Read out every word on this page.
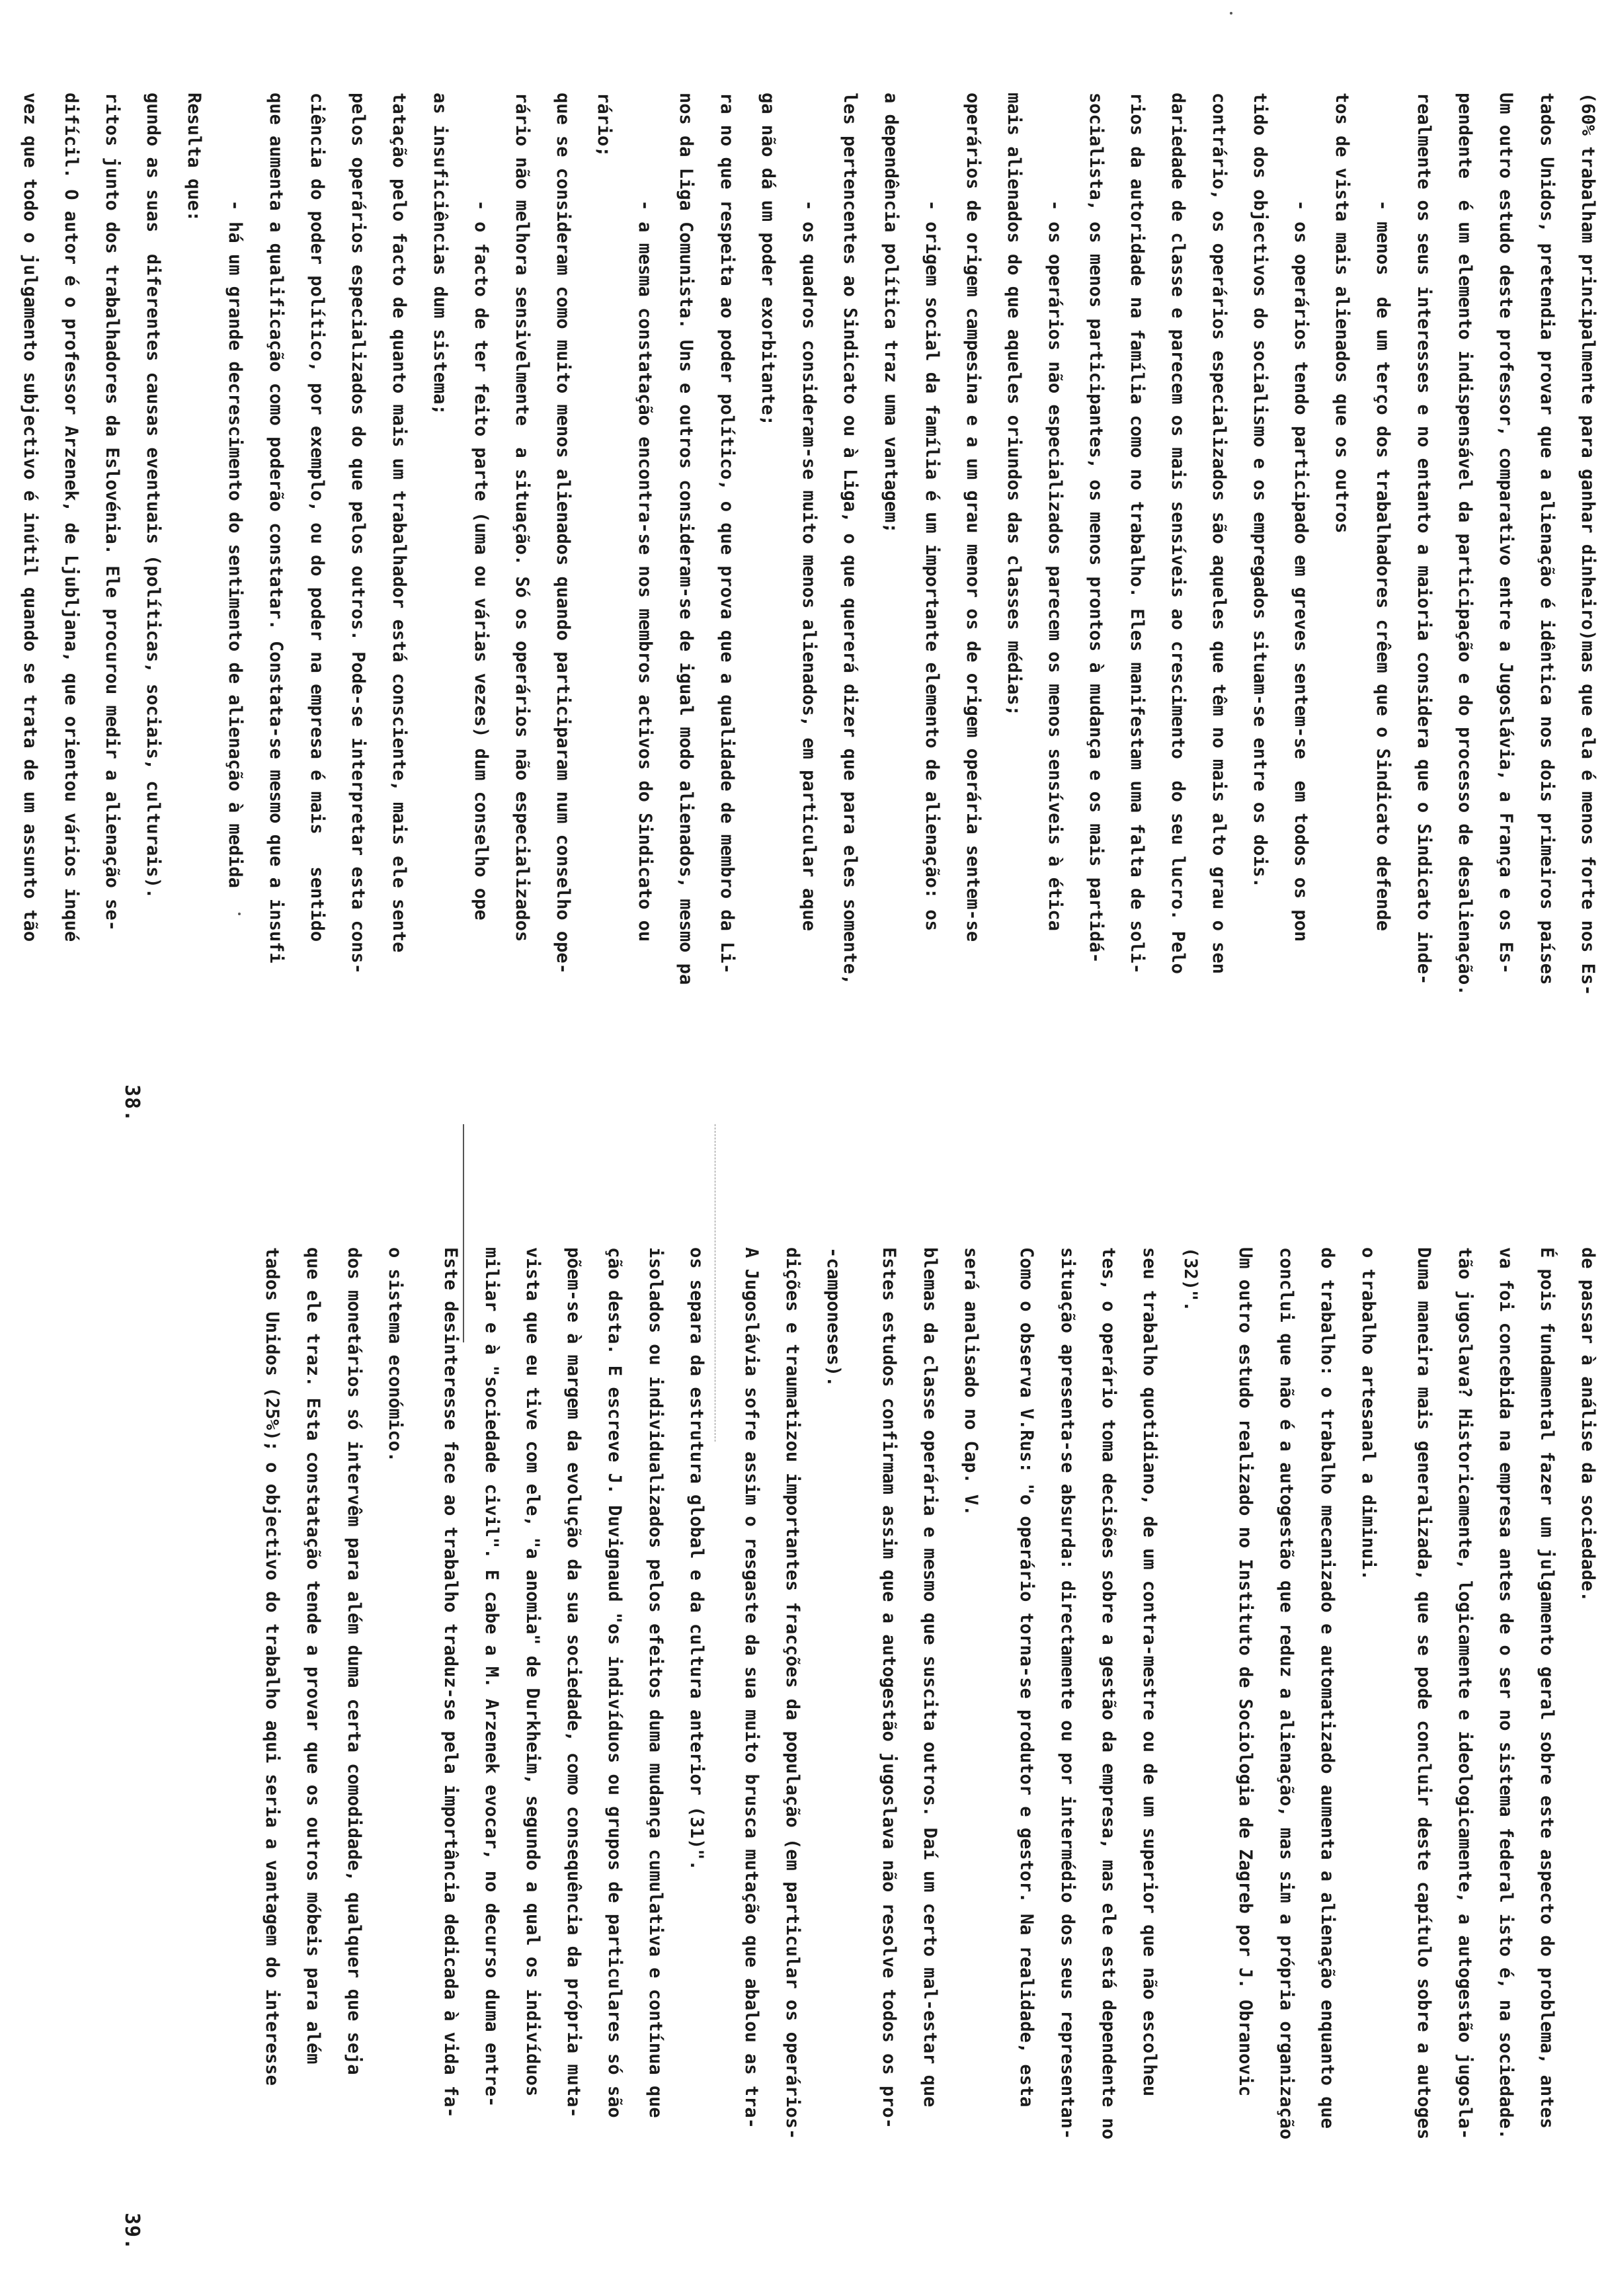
38.
vez que todo o julgamento subjectivo é inútil quando se trata de um assunto tão	difícil. O autor é o professor Arzenek, de Ljubljana, que orientou vários inqué	ritos junto dos trabalhadores da Eslovénia. Ele procurou medir a alienação se-	gundo as suas  diferentes causas eventuais (políticas, sociais, culturais).	Resulta que:	- há um grande decrescimento do sentimento de alienação à medida	que aumenta a qualificação como poderão constatar. Constata-se mesmo que a insufi	ciência do poder político, por exemplo, ou do poder na empresa é mais   sentido	pelos operários especializados do que pelos outros. Pode-se interpretar esta cons-	tatação pelo facto de quanto mais um trabalhador está consciente, mais ele sente	as insuficiências dum sistema;	- o facto de ter feito parte (uma ou várias vezes) dum conselho ope	rário não melhora sensivelmente  a situação. Só os operários não especializados	que se consideram como muito menos alienados quando participaram num conselho ope-	rário;	- a mesma constatação encontra-se nos membros activos do Sindicato ou	nos da Liga Comunista. Uns e outros consideram-se de igual modo alienados, mesmo pa	ra no que respeita ao poder político, o que prova que a qualidade de membro da Li-	ga não dá um poder exorbitante;	- os quadros consideram-se muito menos alienados, em particular aque	les pertencentes ao Sindicato ou à Liga, o que quererá dizer que para eles somente,	a dependência política traz uma vantagem;	- origem social da família é um importante elemento de alienação: os	operários de origem campesina e a um grau menor os de origem operária sentem-se	mais alienados do que aqueles oriundos das classes médias;	- os operários não especializados parecem os menos sensíveis à ética	socialista, os menos participantes, os menos prontos à mudança e os mais partidá-	rios da autoridade na família como no trabalho. Eles manifestam uma falta de soli-	dariedade de classe e parecem os mais sensíveis ao crescimento  do seu lucro. Pelo	contrário, os operários especializados são aqueles que têm no mais alto grau o sen	tido dos objectivos do socialismo e os empregados situam-se entre os dois.	- os operários tendo participado em greves sentem-se  em todos os pon	tos de vista mais alienados que os outros	- menos  de um terço dos trabalhadores crêem que o Sindicato defende	realmente os seus interesses e no entanto a maioria considera que o Sindicato inde-	pendente  é um elemento indispensável da participação e do processo de desalienação.	Um outro estudo deste professor, comparativo entre a Jugoslávia, a França e os Es-	tados Unidos, pretendia provar que a alienação é idêntica nos dois primeiros países	(60% trabalham principalmente para ganhar dinheiro)mas que ela é menos forte nos Es-
39.
tados Unidos (25%); o objectivo do trabalho aqui seria a vantagem do interesse	que ele traz. Esta constatação tende a provar que os outros móbeis para além	dos monetários só intervêm para além duma certa comodidade, qualquer que seja	o sistema económico.	Este desinteresse face ao trabalho traduz-se pela importância dedicada à vida fa-	miliar e à "sociedade civil". E cabe a M. Arzenek evocar, no decurso duma entre-	vista que eu tive com ele, "a anomia" de Durkheim, segundo a qual os indivíduos	põem-se à margem da evolução da sua sociedade, como consequência da própria muta-	ção desta. E escreve J. Duvignaud "os indivíduos ou grupos de particulares só são	isolados ou individualizados pelos efeitos duma mudança cumulativa e contínua que	os separa da estrutura global e da cultura anterior (31)".	A Jugoslávia sofre assim o resgaste da sua muito brusca mutação que abalou as tra-	dições e traumatizou importantes fracções da população (em particular os operários-	-camponeses).	Estes estudos confirmam assim que a autogestão jugoslava não resolve todos os pro-	blemas da classe operária e mesmo que suscita outros. Daí um certo mal-estar que	será analisado no Cap. V.	Como o observa V.Rus: "o operário torna-se produtor e gestor. Na realidade, esta	situação apresenta-se absurda: directamente ou por intermédio dos seus representan-	tes, o operário toma decisões sobre a gestão da empresa, mas ele está dependente no	seu trabalho quotidiano, de um contra-mestre ou de um superior que não escolheu	(32)".	Um outro estudo realizado no Instituto de Sociologia de Zagreb por J. Obranovic	conclui que não é a autogestão que reduz a alienação, mas sim a própria organização	do trabalho: o trabalho mecanizado e automatizado aumenta a alienação enquanto que	o trabalho artesanal a diminui.	Duma maneira mais generalizada, que se pode concluir deste capítulo sobre a autoges	tão jugoslava? Historicamente, logicamente e ideologicamente, a autogestão jugosla-	va foi concebida na empresa antes de o ser no sistema federal isto é, na sociedade.	É pois fundamental fazer um julgamento geral sobre este aspecto do problema, antes	de passar à análise da sociedade.
